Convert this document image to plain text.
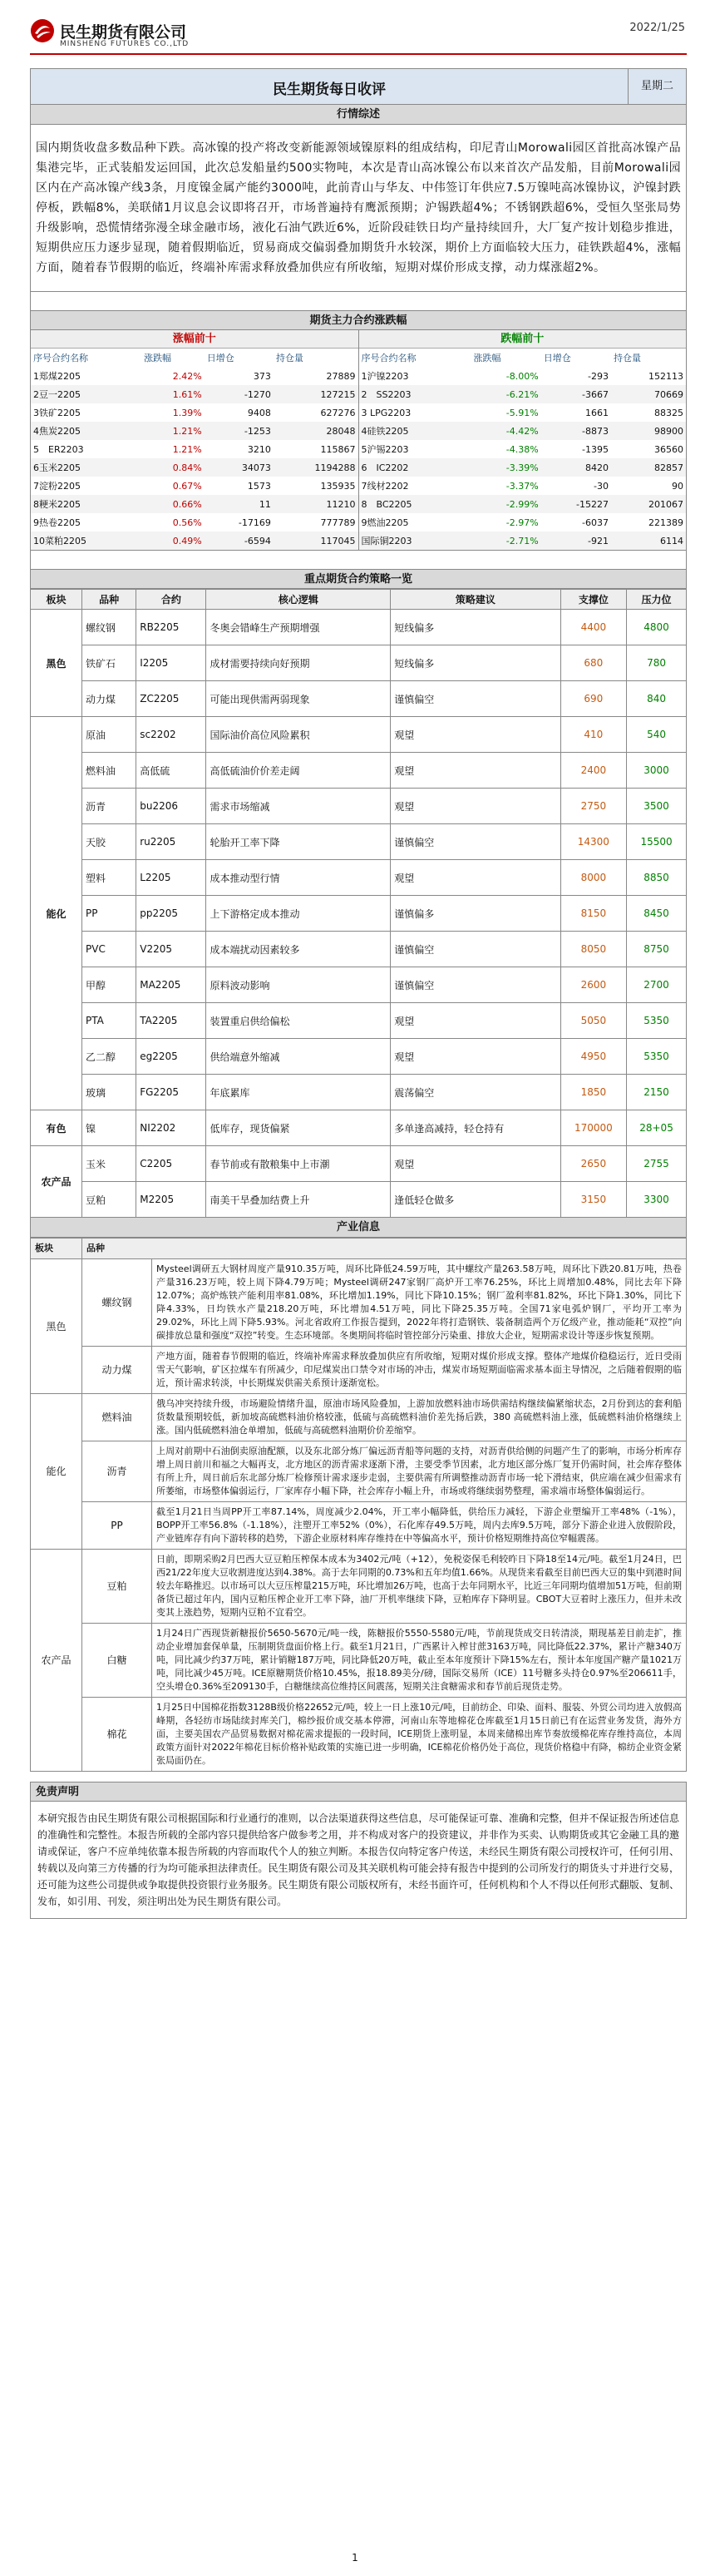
民生期货有限公司
MINSHENG FUTURES CO.,LTD
2022/1/25
民生期货每日收评	星期二
行情综述
国内期货收盘多数品种下跌。高冰镍的投产将改变新能源领域镍原料的组成结构，印尼青山Morowali园区首批高冰镍产品集港完毕，正式装船发运回国，此次总发船量约500实物吨，本次是青山高冰镍公布以来首次产品发船，目前Morowali园区内在产高冰镍产线3条，月度镍金属产能约3000吨，此前青山与华友、中伟签订年供应7.5万镍吨高冰镍协议，沪镍封跌停板，跌幅8%，美联储1月议息会议即将召开，市场普遍持有鹰派预期；沪锡跌超4%；不锈钢跌超6%，受恒久坚张局势升级影响，恐慌情绪弥漫全球金融市场，液化石油气跌近6%，近阶段硅铁日均产量持续回升，大厂复产按计划稳步推进，短期供应压力逐步显现，随着假期临近，贸易商成交偏弱叠加期货升水较深，期价上方面临较大压力，硅铁跌超4%，涨幅方面，随着春节假期的临近，终端补库需求释放叠加供应有所收缩，短期对煤价形成支撑，动力煤涨超2%。
期货主力合约涨跌幅
涨幅前十
序号合约名称	涨跌幅	日增仓	持仓量
1郑煤2205	2.42%	373	27889
2豆一2205	1.61%	-1270	127215
3铁矿2205	1.39%	9408	627276
4焦炭2205	1.21%	-1253	28048
5　ER2203	1.21%	3210	115867
6玉米2205	0.84%	34073	1194288
7淀粉2205	0.67%	1573	135935
8粳米2205	0.66%	11	11210
9热卷2205	0.56%	-17169	777789
10菜粕2205	0.49%	-6594	117045
跌幅前十
序号合约名称	涨跌幅	日增仓	持仓量
1沪镍2203	-8.00%	-293	152113
2　SS2203	-6.21%	-3667	70669
3 LPG2203	-5.91%	1661	88325
4硅铁2205	-4.42%	-8873	98900
5沪锡2203	-4.38%	-1395	36560
6　IC2202	-3.39%	8420	82857
7线材2202	-3.37%	-30	90
8　BC2205	-2.99%	-15227	201067
9燃油2205	-2.97%	-6037	221389
国际铜2203	-2.71%	-921	6114
重点期货合约策略一览
板块	品种	合约	核心逻辑	策略建议	支撑位	压力位
黑色	螺纹钢	RB2205	冬奥会错峰生产预期增强	短线偏多	4400	4800
	铁矿石	I2205	成材需要持续向好预期	短线偏多	680	780
	动力煤	ZC2205	可能出现供需两弱现象	谨慎偏空	690	840
能化	原油	sc2202	国际油价高位风险累积	观望	410	540
	燃料油	高低硫	高低硫油价价差走阔	观望	2400	3000
	沥青	bu2206	需求市场缩减	观望	2750	3500
	天胶	ru2205	轮胎开工率下降	谨慎偏空	14300	15500
	塑料	L2205	成本推动型行情	观望	8000	8850
	PP	pp2205	上下游格定成本推动	谨慎偏多	8150	8450
	PVC	V2205	成本端扰动因素较多	谨慎偏空	8050	8750
	甲醇	MA2205	原料波动影响	谨慎偏空	2600	2700
	PTA	TA2205	装置重启供给偏松	观望	5050	5350
	乙二醇	eg2205	供给端意外缩减	观望	4950	5350
	玻璃	FG2205	年底累库	震荡偏空	1850	2150
有色	镍	NI2202	低库存，现货偏紧	多单逢高减持，轻仓持有	170000	28+05
农产品	玉米	C2205	春节前或有散粮集中上市潮	观望	2650	2755
	豆粕	M2205	南美干旱叠加结费上升	逢低轻仓做多	3150	3300
产业信息
板块	品种	
黑色	螺纹钢	Mysteel调研五大钢材周度产量910.35万吨，周环比降低24.59万吨，其中螺纹产量263.58万吨，周环比下跌20.81万吨，热卷产量316.23万吨，较上周下降4.79万吨；Mysteel调研247家钢厂高炉开工率76.25%，环比上周增加0.48%，同比去年下降12.07%；高炉炼铁产能利用率81.08%，环比增加1.19%，同比下降10.15%；钢厂盈利率81.82%，环比下降1.30%，同比下降4.33%，日均铁水产量218.20万吨，环比增加4.51万吨，同比下降25.35万吨。全国71家电弧炉钢厂，平均开工率为29.02%，环比上周下降5.93%。河北省政府工作报告提到，2022年将打造钢铁、装备制造两个万亿级产业，推动能耗“双控”向碳排放总量和强度“双控”转变。生态环境部。冬奥期间将临时管控部分污染重、排放大企业，短期需求设计等逐步恢复预期。
	动力煤	产地方面，随着春节假期的临近，终端补库需求释放叠加供应有所收缩，短期对煤价形成支撑。整体产地煤价稳稳运行，近日受雨雪天气影响，矿区拉煤车有所减少，印尼煤炭出口禁令对市场的冲击，煤炭市场短期面临需求基本面主导情况，之后随着假期的临近，预计需求转淡，中长期煤炭供需关系预计逐渐宽松。
能化	燃料油	俄乌冲突持续升级，市场避险情绪升温，原油市场风险叠加，上游加放燃料油市场供需结构继续偏紧缩状态，2月份到达的套利船货数量预期较低，新加坡高硫燃料油价格较涨，低硫与高硫燃料油价差先扬后跌，380 高硫燃料油上涨，低硫燃料油价格继续上涨。国内低硫燃料油仓单增加，低硫与高硫燃料油期价价差缩窄。
	沥青	上周对前期中石油倒卖原油配额，以及东北部分炼厂偏远沥青船等问题的支持，对沥青供给侧的问题产生了的影响，市场分析库存增上周日前川和福之大幅再支，北方地区的沥青需求逐渐下滑，主要受季节因素，北方地区部分炼厂复开仍需时间，社会库存整体有所上升，周日前后东北部分炼厂检修预计需求逐步走弱，主要供需有所调整推动沥青市场一轮下滑结束，供应端在减少但需求有所萎缩，市场整体偏弱运行，厂家库存小幅下降，社会库存小幅上升，市场或将继续弱势整理，需求端市场整体偏弱运行。
	PP	截至1月21日当周PP开工率87.14%，周度减少2.04%，开工率小幅降低，供给压力减轻，下游企业塑编开工率48%（-1%），BOPP开工率56.8%（-1.18%），注塑开工率52%（0%），石化库存49.5万吨，周内去库9.5万吨，部分下游企业进入放假阶段，产业链库存有向下游转移的趋势，下游企业原材料库存维持在中等偏高水平，预计价格短期维持高位窄幅震荡。
农产品	豆粕	日前，即期采购2月巴西大豆豆粕压榨保本成本为3402元/吨（+12），免税姿保毛利较昨日下降18至14元/吨。截至1月24日，巴西21/22年度大豆收割进度达到4.38%。高于去年同期的0.73%和五年均值1.66%。从现货来看截至目前巴西大豆的集中到港时间较去年略推迟。以市场可以大豆压榨量215万吨，环比增加26万吨，也高于去年同期水平，比近三年同期均值增加51万吨，但前期备货已超过年内，国内豆粕压榨企业开工率下降，油厂开机率继续下降，豆粕库存下降明显。CBOT大豆着时上涨压力，但并未改变其上涨趋势，短期内豆粕不宜看空。
	白糖	1月24日广西现货新糖报价5650-5670元/吨一线，陈糖报价5550-5580元/吨，节前现货成交日转清淡，期现基差目前走扩，推动企业增加套保单量，压制期货盘面价格上行。截至1月21日，广西累计入榨甘蔗3163万吨，同比降低22.37%，累计产糖340万吨，同比减少约37万吨，累计销糖187万吨，同比降低20万吨，截止至本年度预计下降15%左右，预计本年度国产糖产量1021万吨，同比减少45万吨。ICE原糖期货价格10.45%，报18.89美分/磅，国际交易所（ICE）11号糖多头持仓0.97%至206611手，空头增仓0.36%至209130手，白糖继续高位维持区间震荡，短期关注食糖需求和春节前后现货走势。
	棉花	1月25日中国棉花指数3128B级价格22652元/吨，较上一日上涨10元/吨，目前纺企、印染、面料、服装、外贸公司均进入放假高峰期，各轻纺市场陆续封库关门，棉纱报价成交基本停滞，河南山东等地棉花仓库截至1月15日前已有在运营业务发货，海外方面，主要美国农产品贸易数据对棉花需求提振的一段时间，ICE期货上涨明显，本周来储棉出库节奏放缓棉花库存维持高位，本周政策方面针对2022年棉花目标价格补贴政策的实施已进一步明确，ICE棉花价格仍处于高位，现货价格稳中有降，棉纺企业资金紧张局面仍在。
免责声明
本研究报告由民生期货有限公司根据国际和行业通行的准则，以合法渠道获得这些信息，尽可能保证可靠、准确和完整，但并不保证报告所述信息的准确性和完整性。本报告所载的全部内容只提供给客户做参考之用，并不构成对客户的投资建议，并非作为买卖、认购期货或其它金融工具的邀请或保证，客户不应单纯依靠本报告所载的内容而取代个人的独立判断。本报告仅向特定客户传送，未经民生期货有限公司授权许可，任何引用、转载以及向第三方传播的行为均可能承担法律责任。民生期货有限公司及其关联机构可能会持有报告中提到的公司所发行的期货头寸并进行交易，还可能为这些公司提供或争取提供投资银行业务服务。民生期货有限公司版权所有，未经书面许可，任何机构和个人不得以任何形式翻版、复制、发布，如引用、刊发，须注明出处为民生期货有限公司。
1
